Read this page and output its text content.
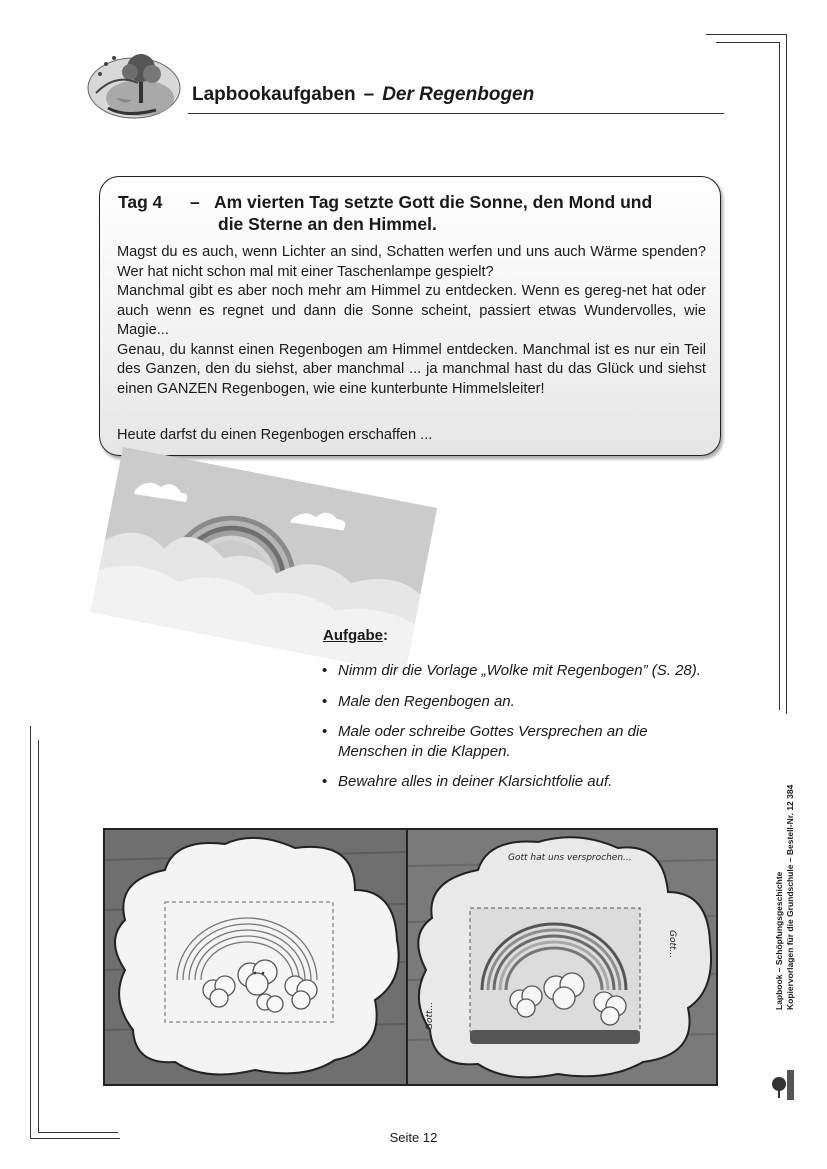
Lapbookaufgaben – Der Regenbogen
Tag 4 – Am vierten Tag setzte Gott die Sonne, den Mond und
die Sterne an den Himmel.

Magst du es auch, wenn Lichter an sind, Schatten werfen und uns auch Wärme spenden? Wer hat nicht schon mal mit einer Taschenlampe gespielt?

Manchmal gibt es aber noch mehr am Himmel zu entdecken. Wenn es gereg-net hat oder auch wenn es regnet und dann die Sonne scheint, passiert etwas Wundervolles, wie Magie...

Genau, du kannst einen Regenbogen am Himmel entdecken. Manchmal ist es nur ein Teil des Ganzen, den du siehst, aber manchmal ... ja manchmal hast du das Glück und siehst einen GANZEN Regenbogen, wie eine kunterbunte Himmelsleiter!

Heute darfst du einen Regenbogen erschaffen ...
Aufgabe:
• Nimm dir die Vorlage „Wolke mit Regenbogen” (S. 28).
• Male den Regenbogen an.
• Male oder schreibe Gottes Versprechen an die Menschen in die Klappen.
• Bewahre alles in deiner Klarsichtfolie auf.
Lapbook – Schöpfungsgeschichte Kopiervorlagen für die Grundschule – Bestell-Nr. 12 384
Gott hat uns versprochen...
Gott...
Gott...
Seite 12
